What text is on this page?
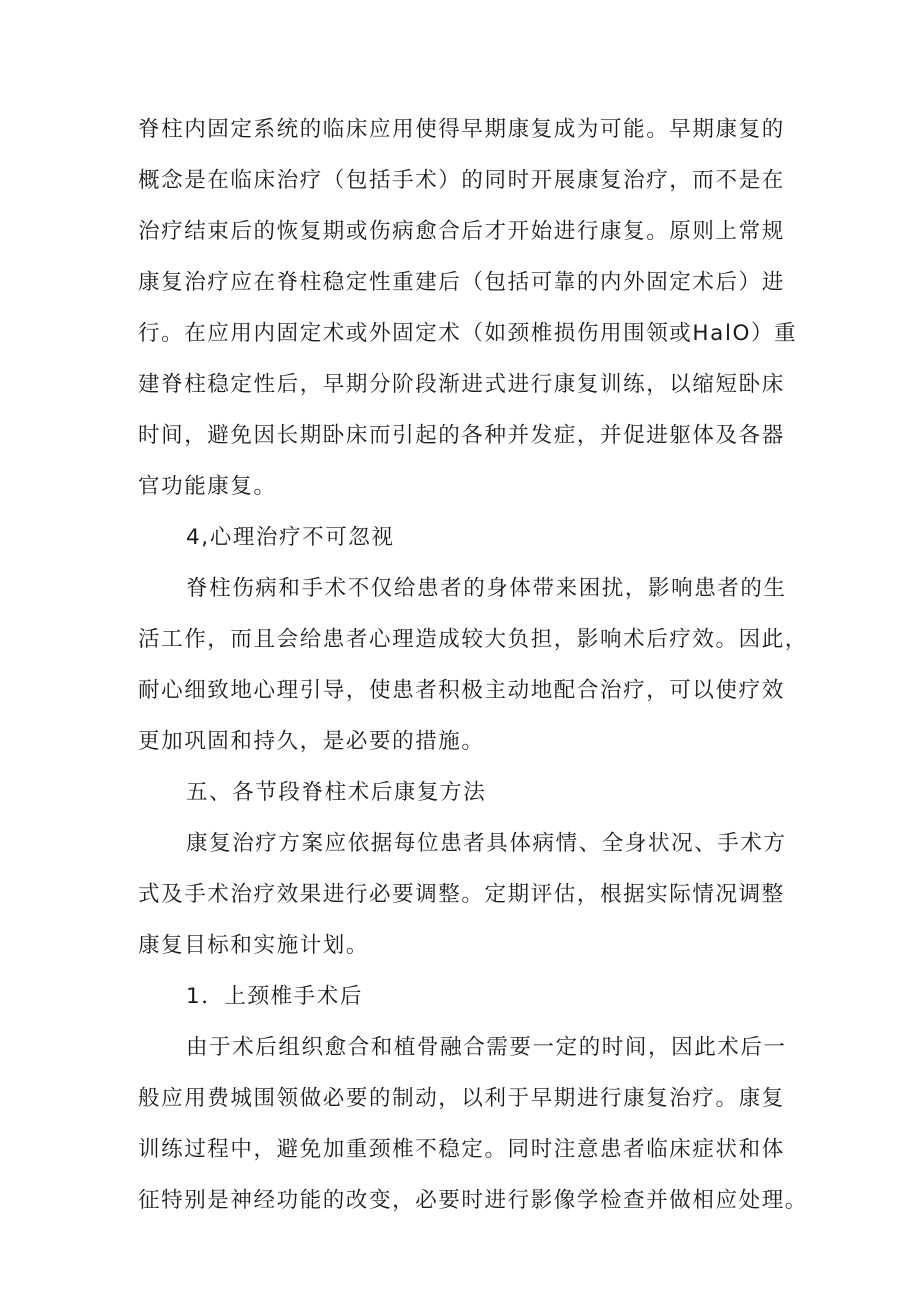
脊柱内固定系统的临床应用使得早期康复成为可能。早期康复的
概念是在临床治疗（包括手术）的同时开展康复治疗，而不是在
治疗结束后的恢复期或伤病愈合后才开始进行康复。原则上常规
康复治疗应在脊柱稳定性重建后（包括可靠的内外固定术后）进
行。在应用内固定术或外固定术（如颈椎损伤用围领或HalO）重
建脊柱稳定性后，早期分阶段渐进式进行康复训练，以缩短卧床
时间，避免因长期卧床而引起的各种并发症，并促进躯体及各器
官功能康复。
4,心理治疗不可忽视
脊柱伤病和手术不仅给患者的身体带来困扰，影响患者的生
活工作，而且会给患者心理造成较大负担，影响术后疗效。因此，
耐心细致地心理引导，使患者积极主动地配合治疗，可以使疗效
更加巩固和持久，是必要的措施。
五、各节段脊柱术后康复方法
康复治疗方案应依据每位患者具体病情、全身状况、手术方
式及手术治疗效果进行必要调整。定期评估，根据实际情况调整
康复目标和实施计划。
1．上颈椎手术后
由于术后组织愈合和植骨融合需要一定的时间，因此术后一
般应用费城围领做必要的制动，以利于早期进行康复治疗。康复
训练过程中，避免加重颈椎不稳定。同时注意患者临床症状和体
征特别是神经功能的改变，必要时进行影像学检查并做相应处理。
